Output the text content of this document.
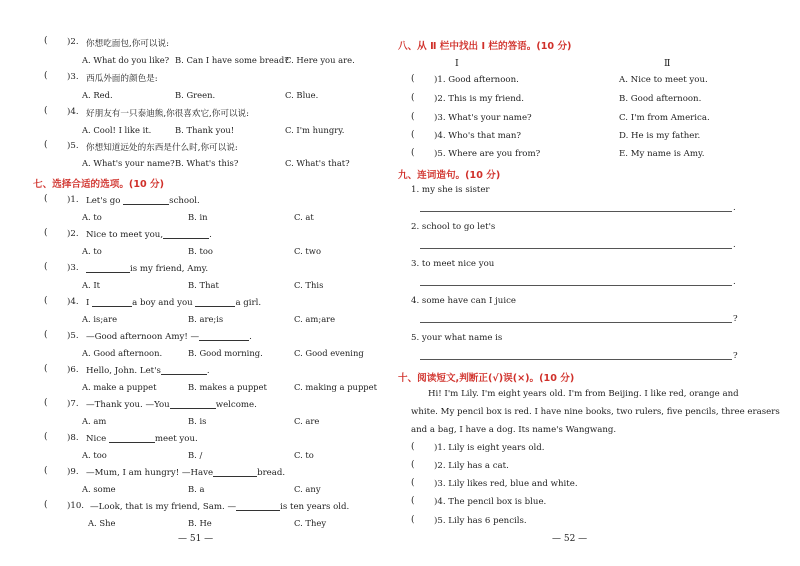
( )2. 你想吃面包,你可以说:
A. What do you like? B. Can I have some bread?
C. Here you are.
( )3. 西瓜外面的颜色是:
A. Red.	B. Green.	C. Blue.
( )4. 好朋友有一只泰迪熊,你很喜欢它,你可以说:
A. Cool! I like it.	B. Thank you!	C. I'm hungry.
( )5. 你想知道远处的东西是什么时,你可以说:
A. What's your name? B. What's this?	C. What's that?
七、选择合适的选项。(10 分)
( )1. Let's go	school.
A. to	B. in	C. at
( )2. Nice to meet you,	.
A. to	B. too	C. two
( )3.	is my friend, Amy.
A. It	B. That	C. This
( )4. I	a boy and you	a girl.
A. is;are	B. are;is	C. am;are
( )5. —Good afternoon Amy! —	.
A. Good afternoon.	B. Good morning.	C. Good evening
( )6. Hello, John. Let's	.
A. make a puppet	B. makes a puppet	C. making a puppet
( )7. —Thank you. —You	welcome.
A. am	B. is	C. are
( )8. Nice	meet you.
A. too	B. /	C. to
( )9. —Mum, I am hungry! —Have	bread.
A. some	B. a	C. any
( )10. —Look, that is my friend, Sam. —	is ten years old.
A. She	B. He	C. They
— 51 —
八、从 Ⅱ 栏中找出 Ⅰ 栏的答语。(10 分)
Ⅰ	Ⅱ
( )1. Good afternoon.	A. Nice to meet you.
( )2. This is my friend.	B. Good afternoon.
( )3. What's your name?	C. I'm from America.
( )4. Who's that man?	D. He is my father.
( )5. Where are you from?	E. My name is Amy.
九、连词造句。(10 分)
1. my she is sister
.
2. school to go let's
.
3. to meet nice you
.
4. some have can I juice
?
5. your what name is
?
十、阅读短文,判断正(√)误(×)。(10 分)
Hi! I'm Lily. I'm eight years old. I'm from Beijing. I like red, orange and
white. My pencil box is red. I have nine books, two rulers, five pencils, three erasers
and a bag, I have a dog. Its name's Wangwang.
( )1. Lily is eight years old.
( )2. Lily has a cat.
( )3. Lily likes red, blue and white.
( )4. The pencil box is blue.
( )5. Lily has 6 pencils.
— 52 —
